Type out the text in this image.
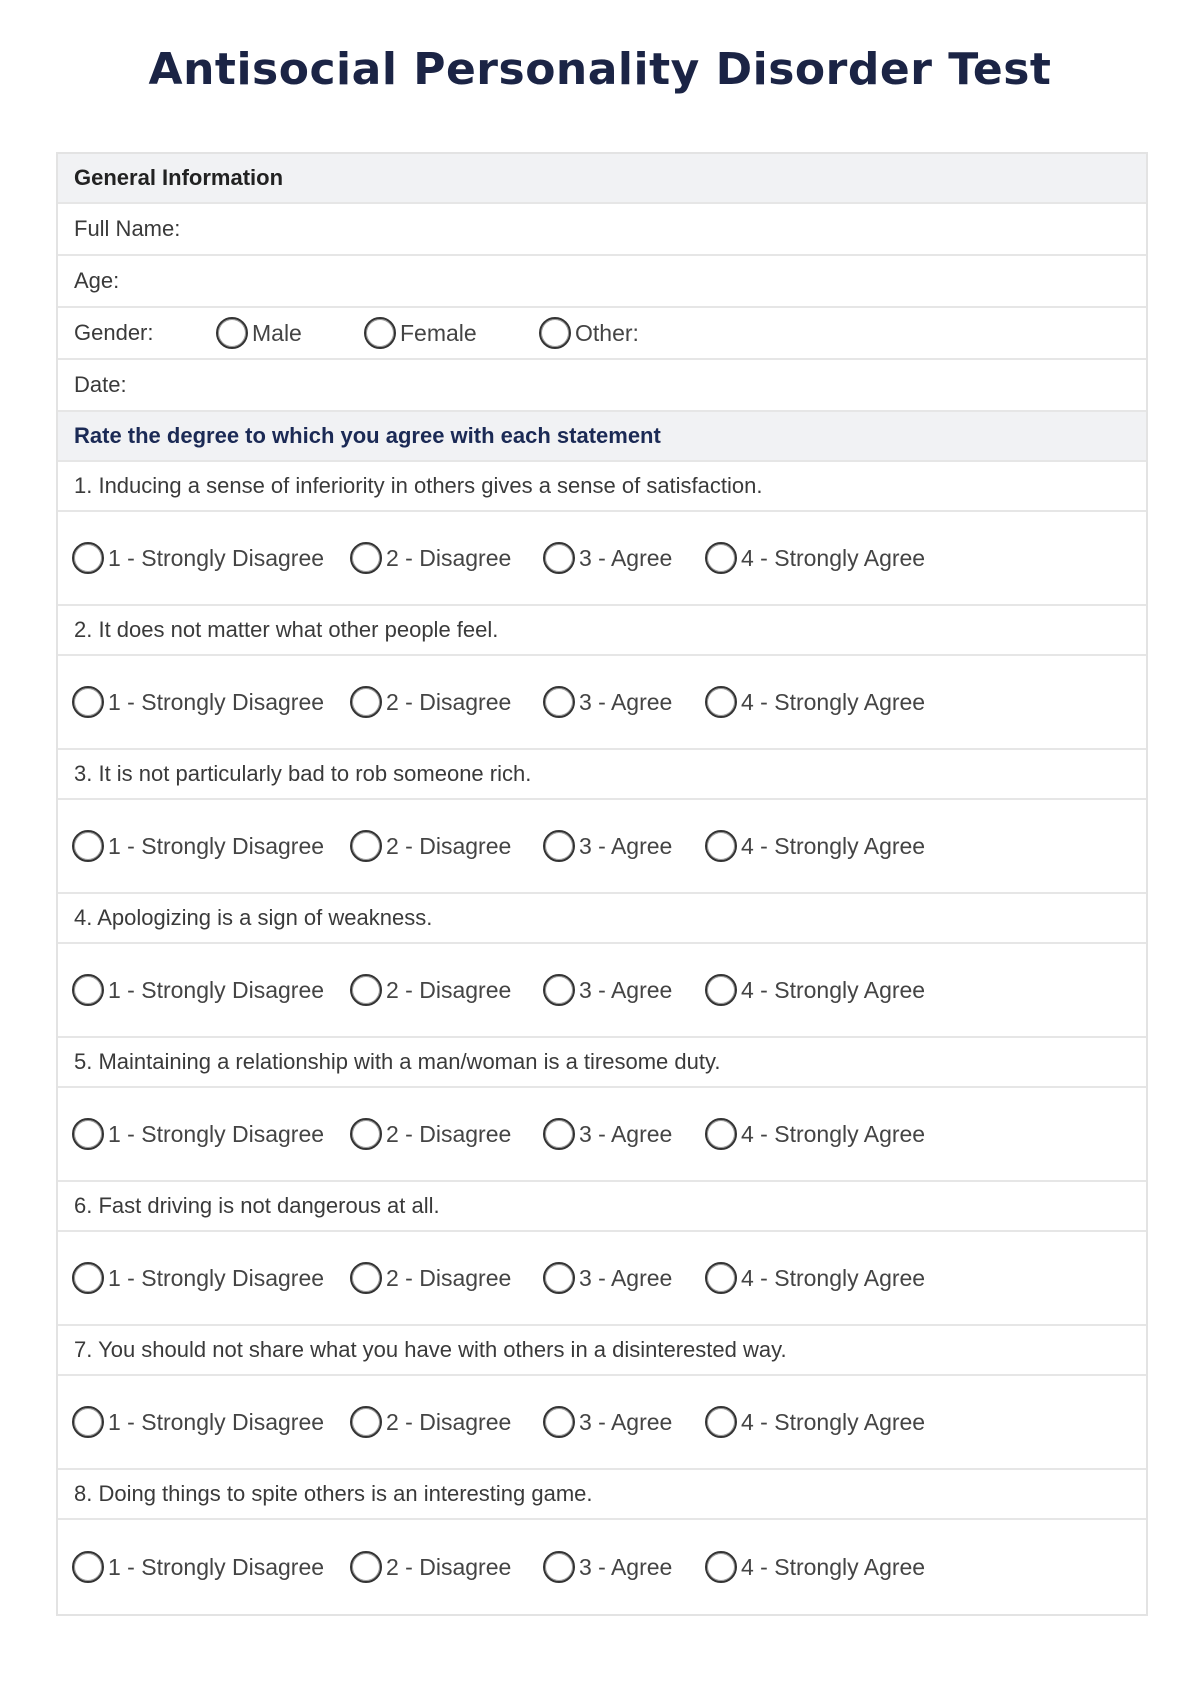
Antisocial Personality Disorder Test
General Information
Full Name:
Age:
Gender:	Male	Female	Other:
Date:
Rate the degree to which you agree with each statement
1. Inducing a sense of inferiority in others gives a sense of satisfaction.
1 - Strongly Disagree	2 - Disagree	3 - Agree	4 - Strongly Agree
2. It does not matter what other people feel.
1 - Strongly Disagree	2 - Disagree	3 - Agree	4 - Strongly Agree
3. It is not particularly bad to rob someone rich.
1 - Strongly Disagree	2 - Disagree	3 - Agree	4 - Strongly Agree
4. Apologizing is a sign of weakness.
1 - Strongly Disagree	2 - Disagree	3 - Agree	4 - Strongly Agree
5. Maintaining a relationship with a man/woman is a tiresome duty.
1 - Strongly Disagree	2 - Disagree	3 - Agree	4 - Strongly Agree
6. Fast driving is not dangerous at all.
1 - Strongly Disagree	2 - Disagree	3 - Agree	4 - Strongly Agree
7. You should not share what you have with others in a disinterested way.
1 - Strongly Disagree	2 - Disagree	3 - Agree	4 - Strongly Agree
8. Doing things to spite others is an interesting game.
1 - Strongly Disagree	2 - Disagree	3 - Agree	4 - Strongly Agree
